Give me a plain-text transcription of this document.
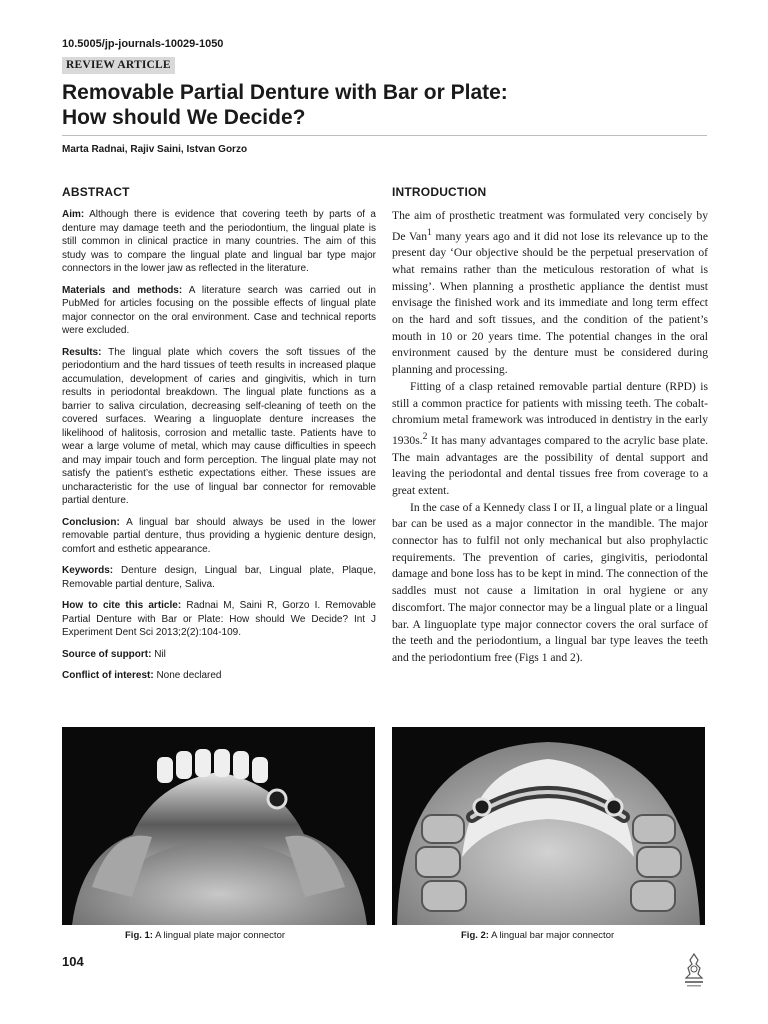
10.5005/jp-journals-10029-1050
REVIEW ARTICLE
Removable Partial Denture with Bar or Plate:
How should We Decide?
Marta Radnai, Rajiv Saini, Istvan Gorzo
ABSTRACT

Aim: Although there is evidence that covering teeth by parts of a denture may damage teeth and the periodontium, the lingual plate is still common in clinical practice in many countries. The aim of this study was to compare the lingual plate and lingual bar type major connectors in the lower jaw as reflected in the literature.

Materials and methods: A literature search was carried out in PubMed for articles focusing on the possible effects of lingual plate major connector on the oral environment. Case and technical reports were excluded.

Results: The lingual plate which covers the soft tissues of the periodontium and the hard tissues of teeth results in increased plaque accumulation, development of caries and gingivitis, which in turn results in periodontal breakdown. The lingual plate functions as a barrier to saliva circulation, decreasing self-cleaning of teeth on the covered surfaces. Wearing a linguoplate denture increases the likelihood of halitosis, corrosion and metallic taste. Patients have to wear a large volume of metal, which may cause difficulties in speech and may impair touch and form perception. The lingual plate may not satisfy the patient’s esthetic expectations either. These issues are uncharacteristic for the use of lingual bar connector for removable partial denture.

Conclusion: A lingual bar should always be used in the lower removable partial denture, thus providing a hygienic denture design, comfort and esthetic appearance.

Keywords: Denture design, Lingual bar, Lingual plate, Plaque, Removable partial denture, Saliva.

How to cite this article: Radnai M, Saini R, Gorzo I. Removable Partial Denture with Bar or Plate: How should We Decide? Int J Experiment Dent Sci 2013;2(2):104-109.

Source of support: Nil

Conflict of interest: None declared

INTRODUCTION

The aim of prosthetic treatment was formulated very concisely by De Van$^1$ many years ago and it did not lose its relevance up to the present day ‘Our objective should be the perpetual preservation of what remains rather than the meticulous restoration of what is missing’. When planning a prosthetic appliance the dentist must envisage the finished work and its immediate and long term effect on the hard and soft tissues, and the condition of the patient’s mouth in 10 or 20 years time. The potential changes in the oral environment caused by the denture must be considered during planning and processing.

Fitting of a clasp retained removable partial denture (RPD) is still a common practice for patients with missing teeth. The cobalt-chromium metal framework was introduced in dentistry in the early 1930s.$^2$ It has many advantages compared to the acrylic base plate. The main advantages are the possibility of dental support and leaving the periodontal and dental tissues free from coverage to a great extent.

In the case of a Kennedy class I or II, a lingual plate or a lingual bar can be used as a major connector in the mandible. The major connector has to fulfil not only mechanical but also prophylactic requirements. The prevention of caries, gingivitis, periodontal damage and bone loss has to be kept in mind. The connection of the saddles must not cause a limitation in oral hygiene or any discomfort. The major connector may be a lingual plate or a lingual bar. A linguoplate type major connector covers the oral surface of the teeth and the periodontium, a lingual bar type leaves the teeth and the periodontium free (Figs 1 and 2).

Fig. 1: A lingual plate major connector	Fig. 2: A lingual bar major connector
104
